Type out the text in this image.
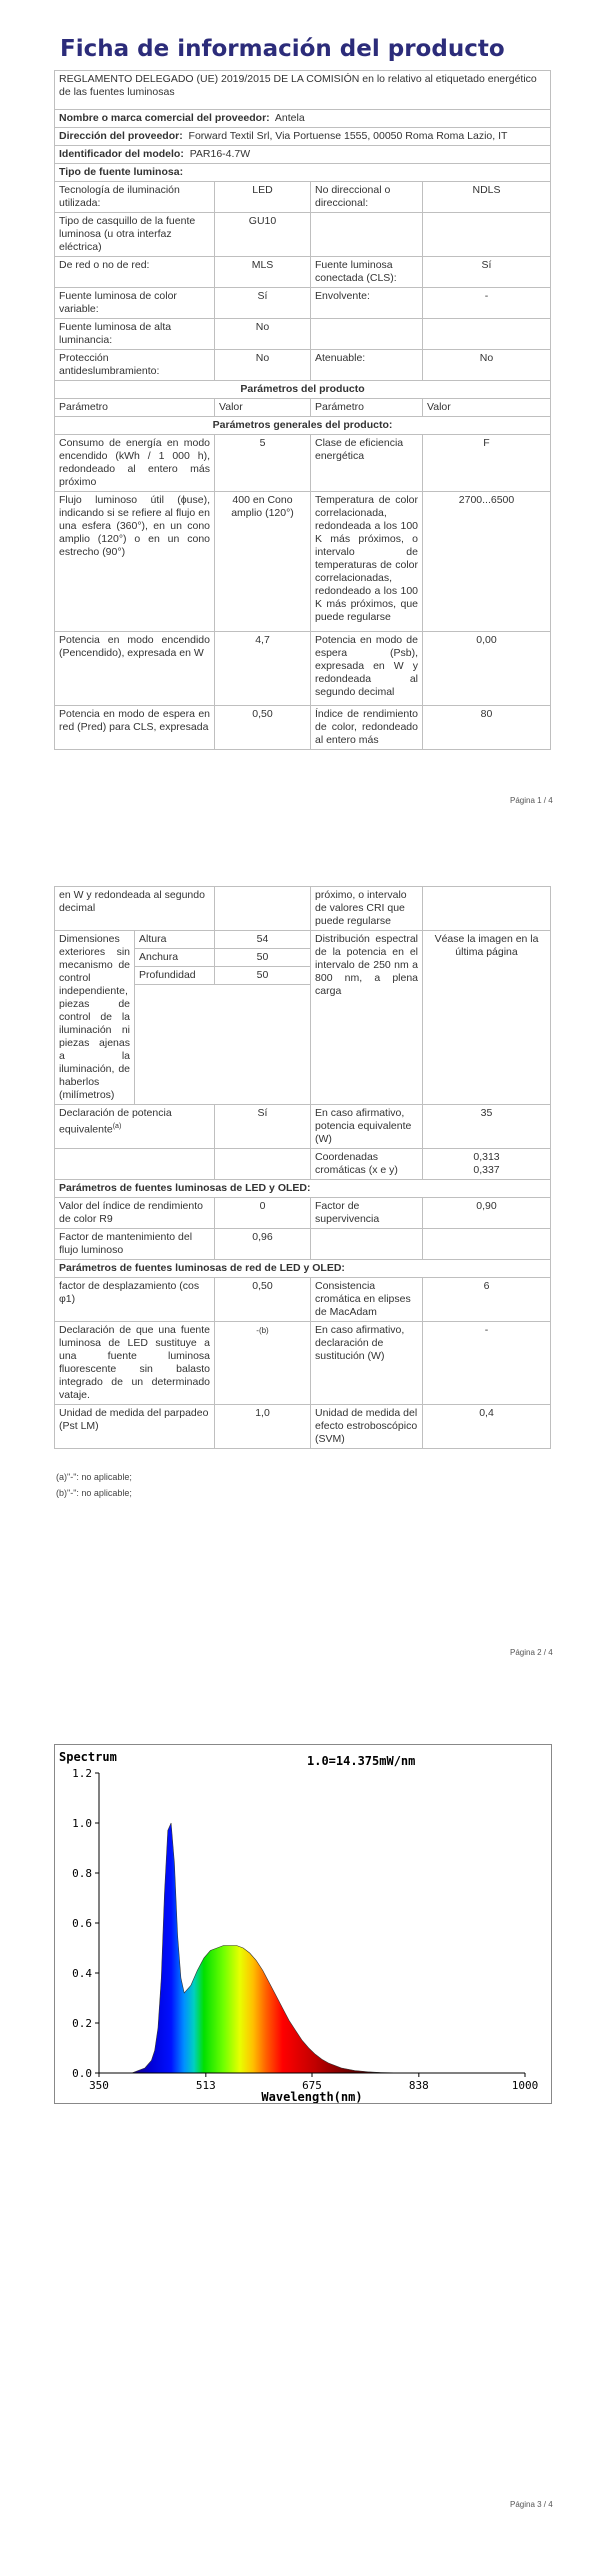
Ficha de información del producto
REGLAMENTO DELEGADO (UE) 2019/2015 DE LA COMISIÓN en lo relativo al etiquetado energético de las fuentes luminosas			
Nombre o marca comercial del proveedor: Antela			
Dirección del proveedor: Forward Textil Srl, Via Portuense 1555, 00050 Roma Roma Lazio, IT			
Identificador del modelo: PAR16-4.7W			
Tipo de fuente luminosa:			
Tecnología de iluminación utilizada:	LED	No direccional o direccional:	NDLS
Tipo de casquillo de la fuente luminosa (u otra interfaz eléctrica)	GU10		
De red o no de red:	MLS	Fuente luminosa conectada (CLS):	Sí
Fuente luminosa de color variable:	Sí	Envolvente:	-
Fuente luminosa de alta luminancia:	No		
Protección antideslumbramiento:	No	Atenuable:	No
Parámetros del producto			
Parámetro	Valor	Parámetro	Valor
Parámetros generales del producto:			
Consumo de energía en modo encendido (kWh / 1 000 h), redondeado al entero más próximo	5	Clase de eficiencia energética	F
Flujo luminoso útil (ϕuse), indicando si se refiere al flujo en una esfera (360°), en un cono amplio (120°) o en un cono estrecho (90°)	400 en Cono amplio (120°)	Temperatura de color correlacionada, redondeada a los 100 K más próximos, o intervalo de temperaturas de color correlacionadas, redondeado a los 100 K más próximos, que puede regularse	2700...6500
Potencia en modo encendido (Pencendido), expresada en W	4,7	Potencia en modo de espera (Psb), expresada en W y redondeada al segundo decimal	0,00
Potencia en modo de espera en red (Pred) para CLS, expresada	0,50	Índice de rendimiento de color, redondeado al entero más	80
Página 1 / 4
en W y redondeada al segundo decimal			próximo, o intervalo de valores CRI que puede regularse	
Dimensiones exteriores sin mecanismo de control independiente, piezas de control de la iluminación ni piezas ajenas a la iluminación, de haberlos (milímetros)	Altura	54	Distribución espectral de la potencia en el intervalo de 250 nm a 800 nm, a plena carga	Véase la imagen en la última página
	Anchura	50		
	Profundidad	50		

Declaración de potencia equivalente$^{(a)}$		Sí	En caso afirmativo, potencia equivalente (W)	35
			Coordenadas cromáticas (x e y)	0,313
0,337
Parámetros de fuentes luminosas de LED y OLED:				
Valor del índice de rendimiento de color R9		0	Factor de supervivencia	0,90
Factor de mantenimiento del flujo luminoso		0,96		
Parámetros de fuentes luminosas de red de LED y OLED:				
factor de desplazamiento (cos φ1)		0,50	Consistencia cromática en elipses de MacAdam	6
Declaración de que una fuente luminosa de LED sustituye a una fuente luminosa fluorescente sin balasto integrado de un determinado vataje.		-(b)	En caso afirmativo, declaración de sustitución (W)	-
Unidad de medida del parpadeo (Pst LM)		1,0	Unidad de medida del efecto estroboscópico (SVM)	0,4
(a)"-": no aplicable;
(b)"-": no aplicable;
Página 2 / 4
0.0
0.2
0.4
0.6
0.8
1.0
1.2
350	513	675	838	1000
Spectrum	1.0=14.375mW/nm
Wavelength(nm)
Página 3 / 4
